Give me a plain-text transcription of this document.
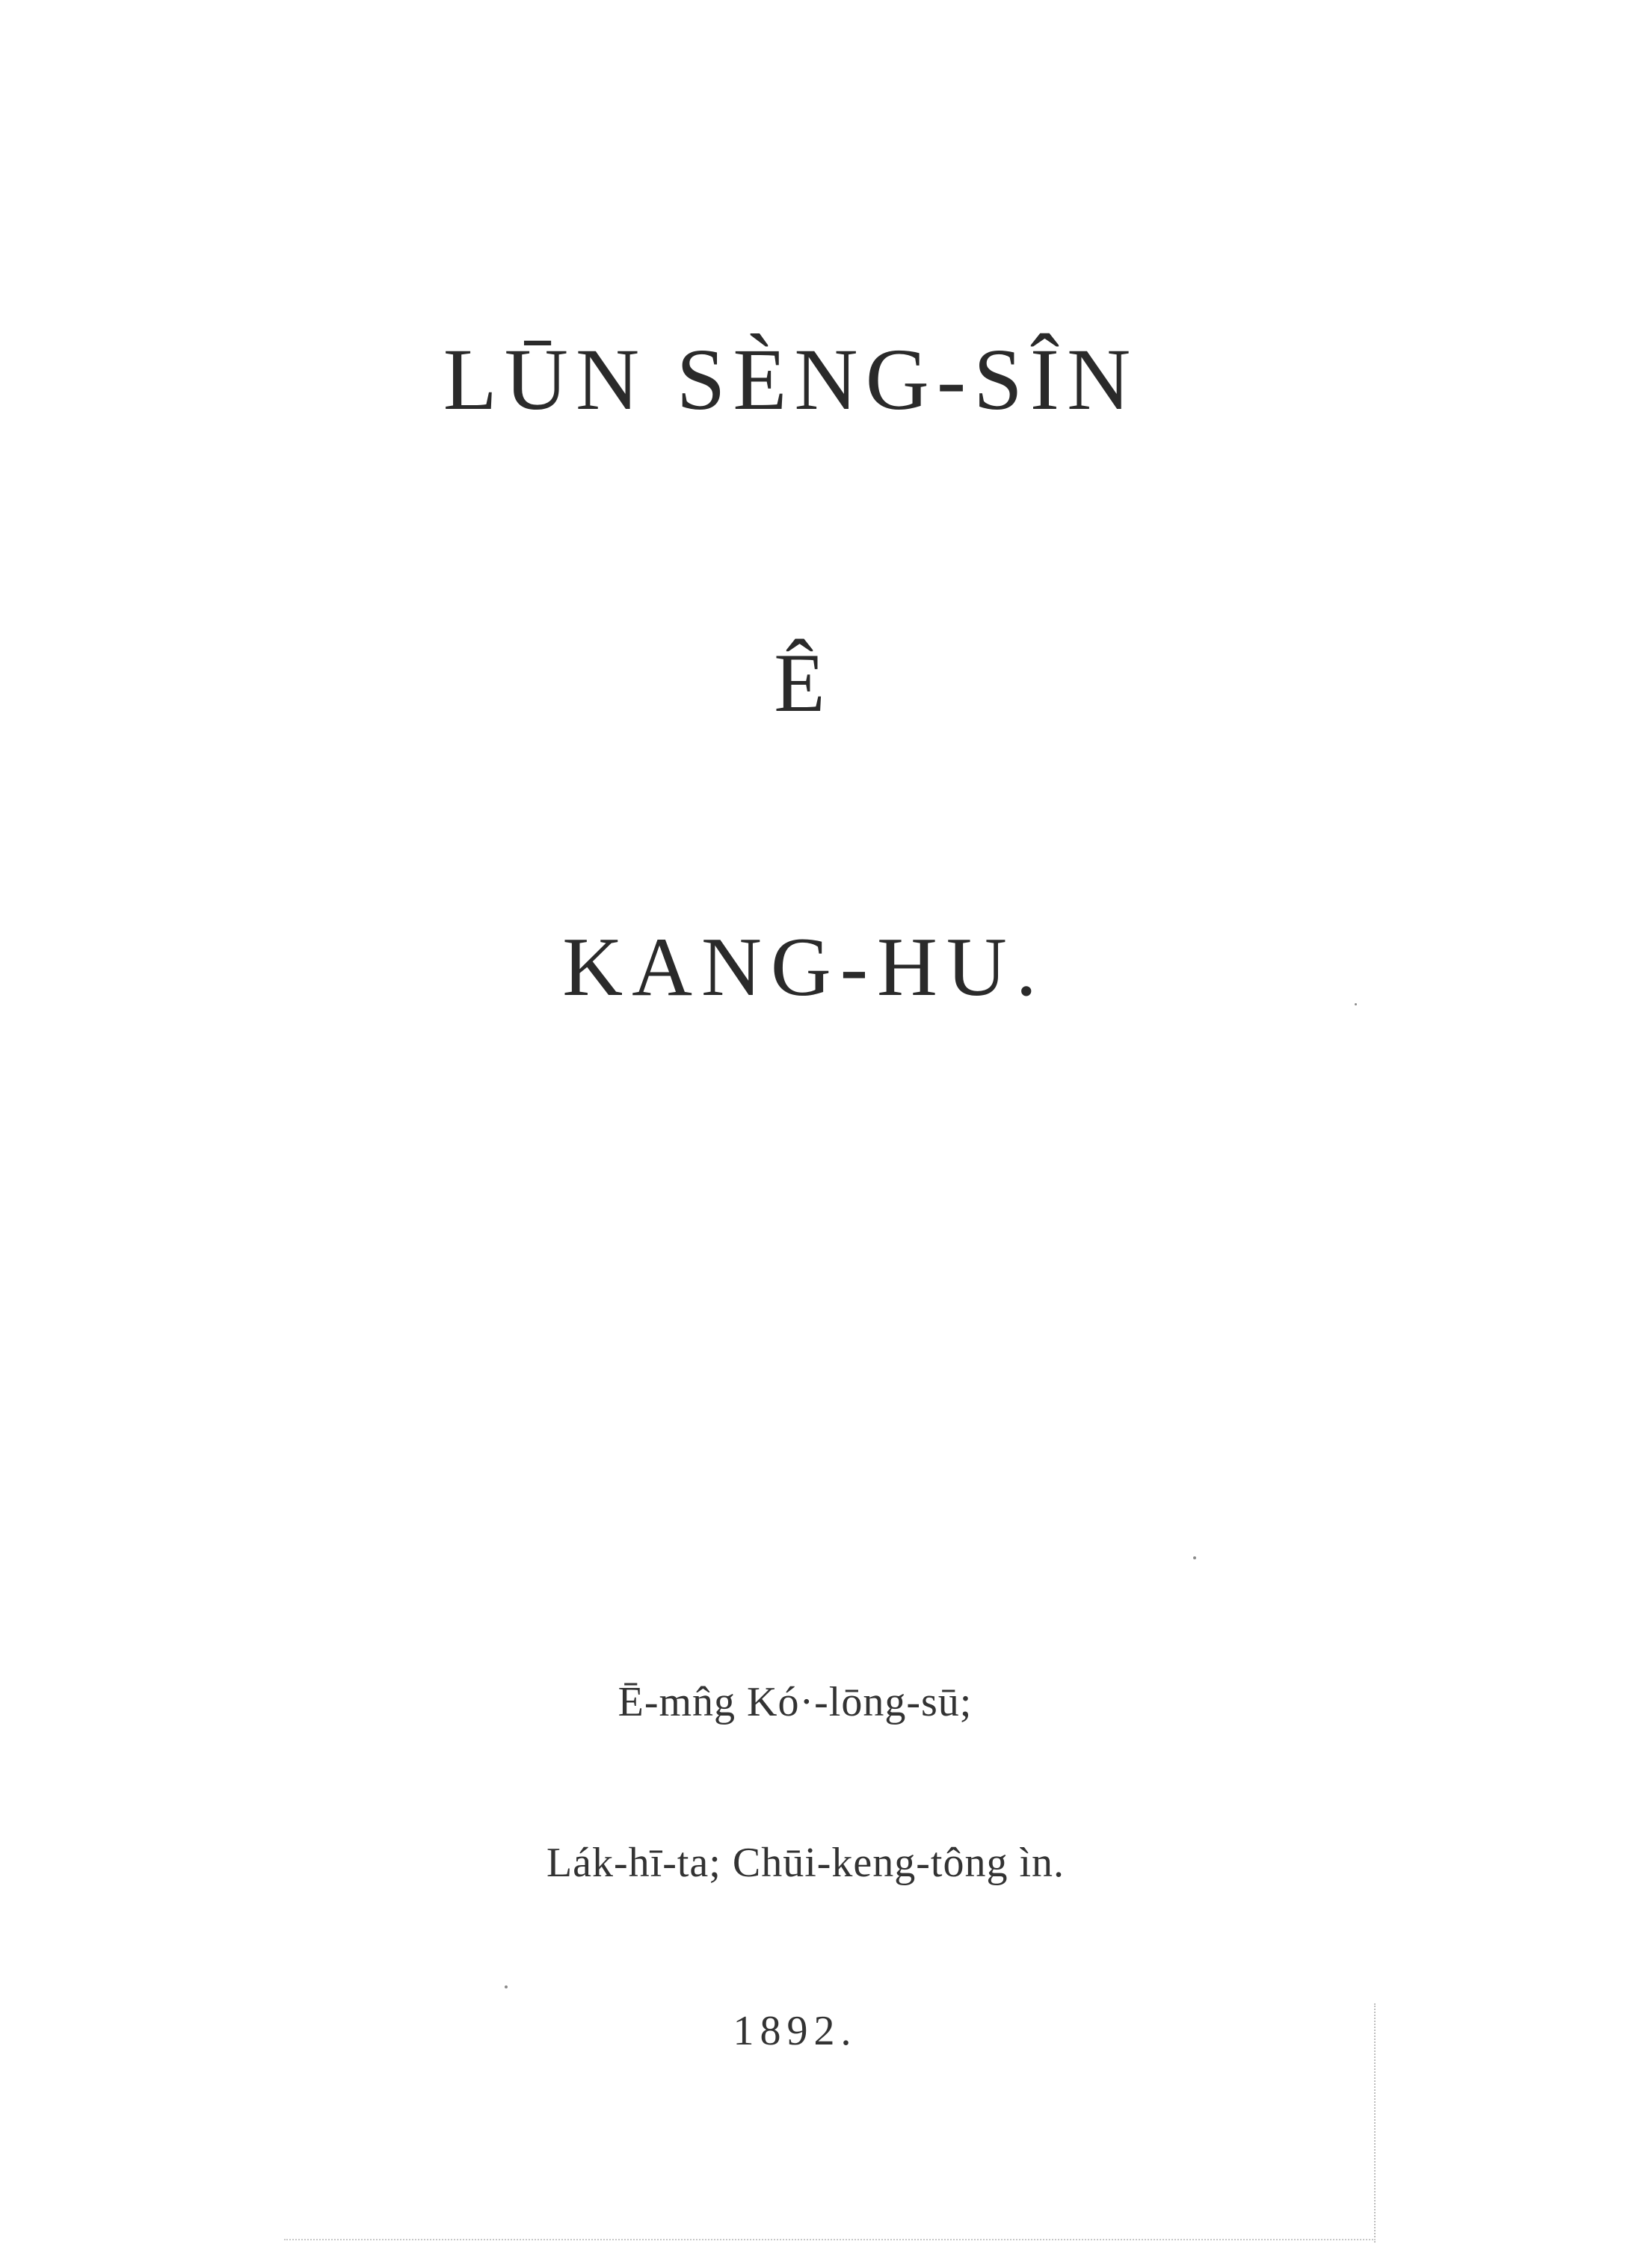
LŪN SÈNG-SÎN
Ê
KANG-HU.
Ē-mn̂g Kó·-lōng-sū;
Lák-hī-ta; Chūi-keng-tông ìn.
1892.
